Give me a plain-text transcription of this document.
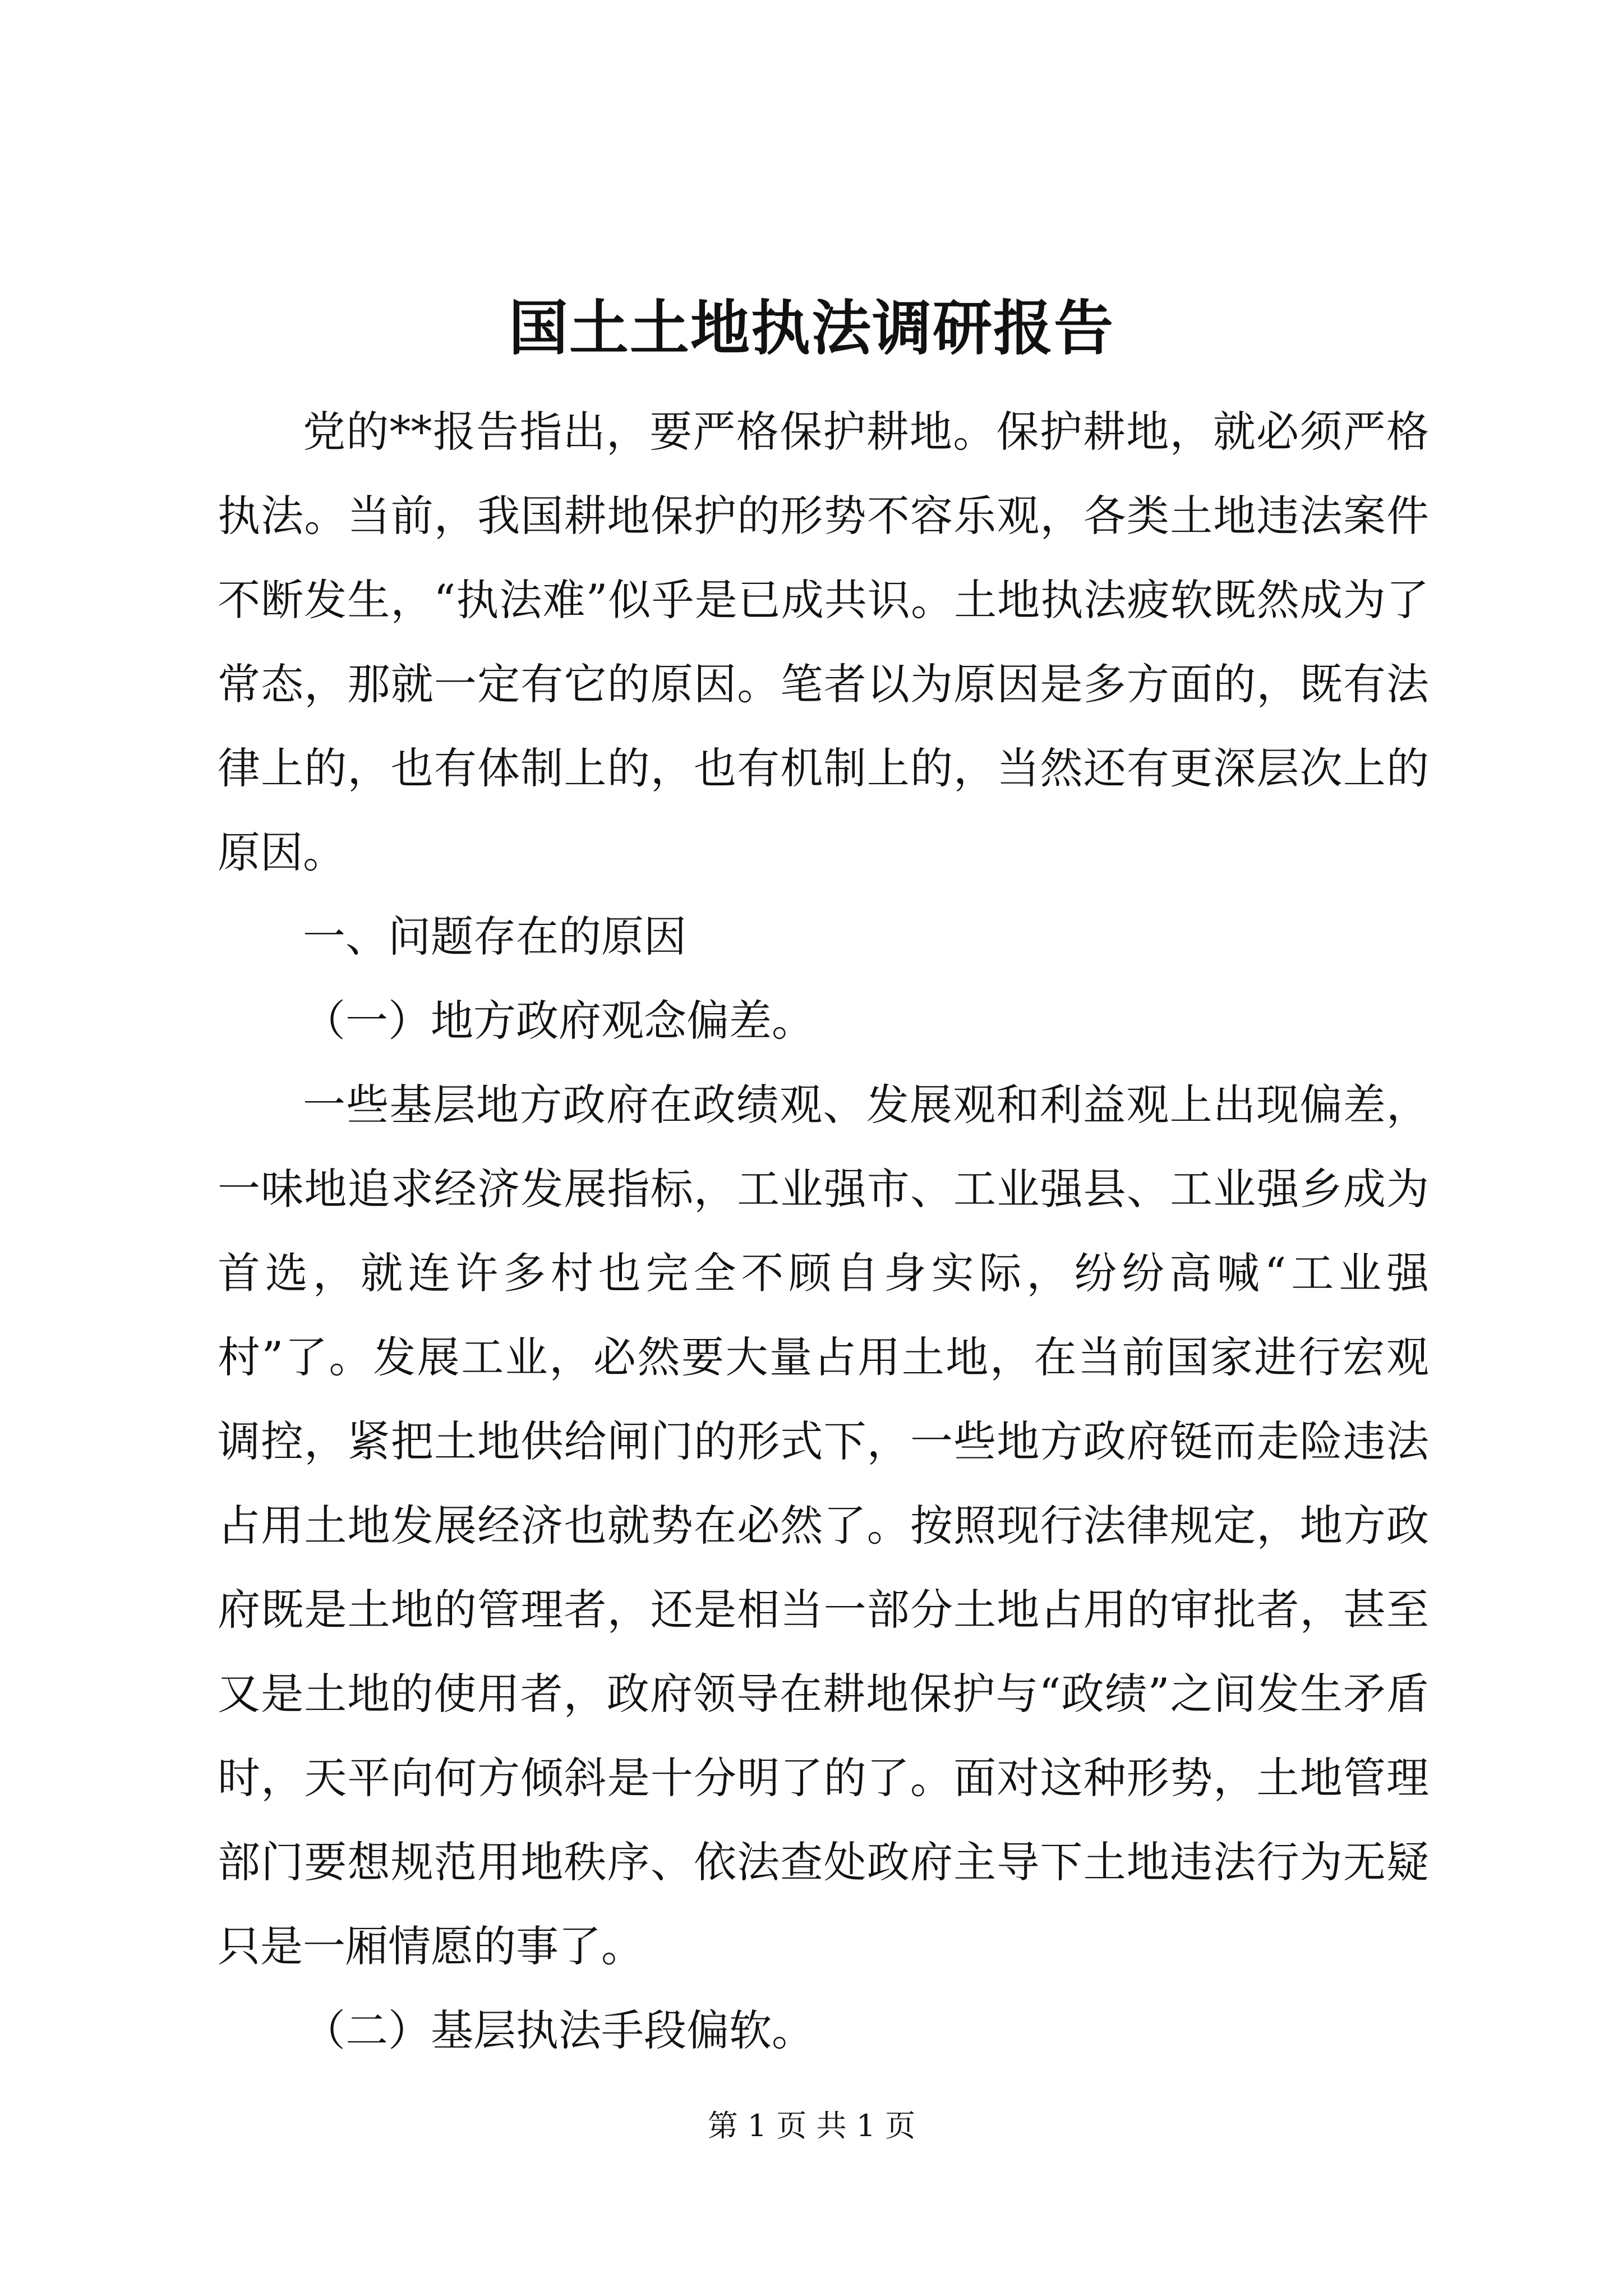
国土土地执法调研报告

党的**报告指出，要严格保护耕地。保护耕地，就必须严格执法。当前，我国耕地保护的形势不容乐观，各类土地违法案件不断发生，“执法难”似乎是已成共识。土地执法疲软既然成为了常态，那就一定有它的原因。笔者以为原因是多方面的，既有法律上的，也有体制上的，也有机制上的，当然还有更深层次上的原因。

一、问题存在的原因

（一）地方政府观念偏差。

一些基层地方政府在政绩观、发展观和利益观上出现偏差，一味地追求经济发展指标，工业强市、工业强县、工业强乡成为首选，就连许多村也完全不顾自身实际，纷纷高喊“工业强村”了。发展工业，必然要大量占用土地，在当前国家进行宏观调控，紧把土地供给闸门的形式下，一些地方政府铤而走险违法占用土地发展经济也就势在必然了。按照现行法律规定，地方政府既是土地的管理者，还是相当一部分土地占用的审批者，甚至又是土地的使用者，政府领导在耕地保护与“政绩”之间发生矛盾时，天平向何方倾斜是十分明了的了。面对这种形势，土地管理部门要想规范用地秩序、依法查处政府主导下土地违法行为无疑只是一厢情愿的事了。

（二）基层执法手段偏软。

第 1 页 共 1 页
